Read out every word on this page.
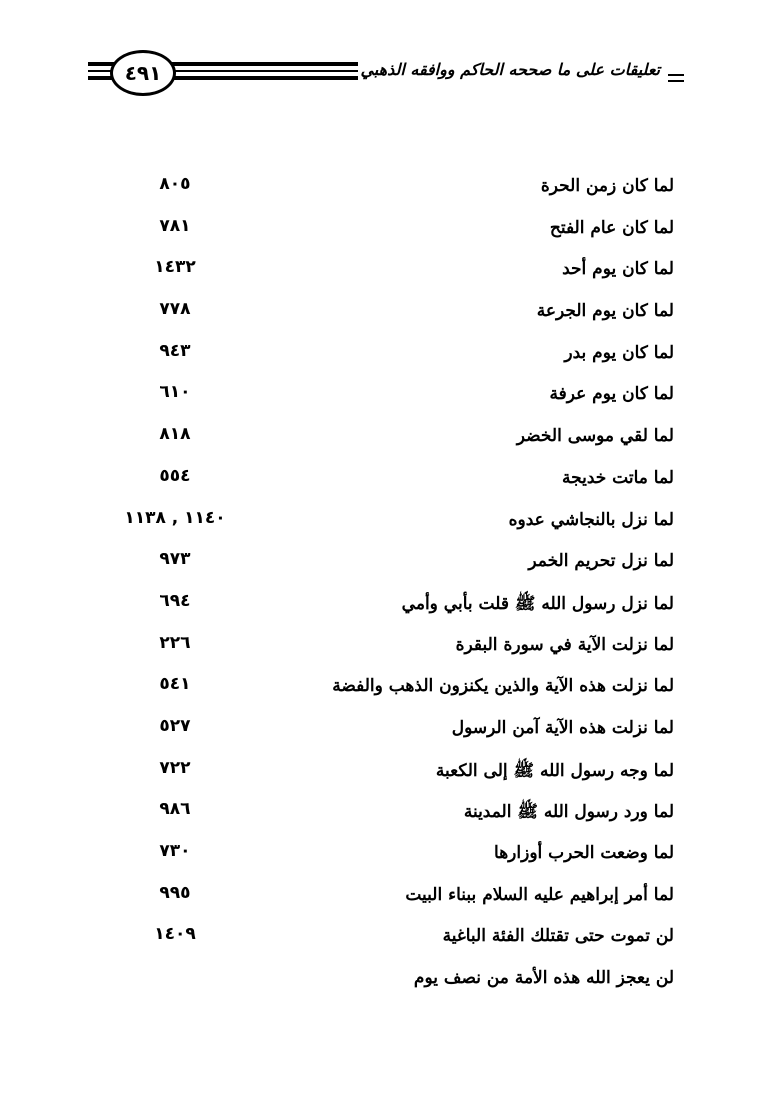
٤٩١	تعليقات على ما صححه الحاكم ووافقه الذهبي
لما كان زمن الحرة
٨٠٥
لما كان عام الفتح
٧٨١
لما كان يوم أحد
١٤٣٢
لما كان يوم الجرعة
٧٧٨
لما كان يوم بدر
٩٤٣
لما كان يوم عرفة
٦١٠
لما لقي موسى الخضر
٨١٨
لما ماتت خديجة
٥٥٤
لما نزل بالنجاشي عدوه
١١٤٠ , ١١٣٨
لما نزل تحريم الخمر
٩٧٣
لما نزل رسول الله ﷺ قلت بأبي وأمي
٦٩٤
لما نزلت الآية في سورة البقرة
٢٢٦
لما نزلت هذه الآية والذين يكنزون الذهب والفضة
٥٤١
لما نزلت هذه الآية آمن الرسول
٥٢٧
لما وجه رسول الله ﷺ إلى الكعبة
٧٢٢
لما ورد رسول الله ﷺ المدينة
٩٨٦
لما وضعت الحرب أوزارها
٧٣٠
لما أمر إبراهيم عليه السلام ببناء البيت
٩٩٥
لن تموت حتى تقتلك الفئة الباغية
١٤٠٩
لن يعجز الله هذه الأمة من نصف يوم
